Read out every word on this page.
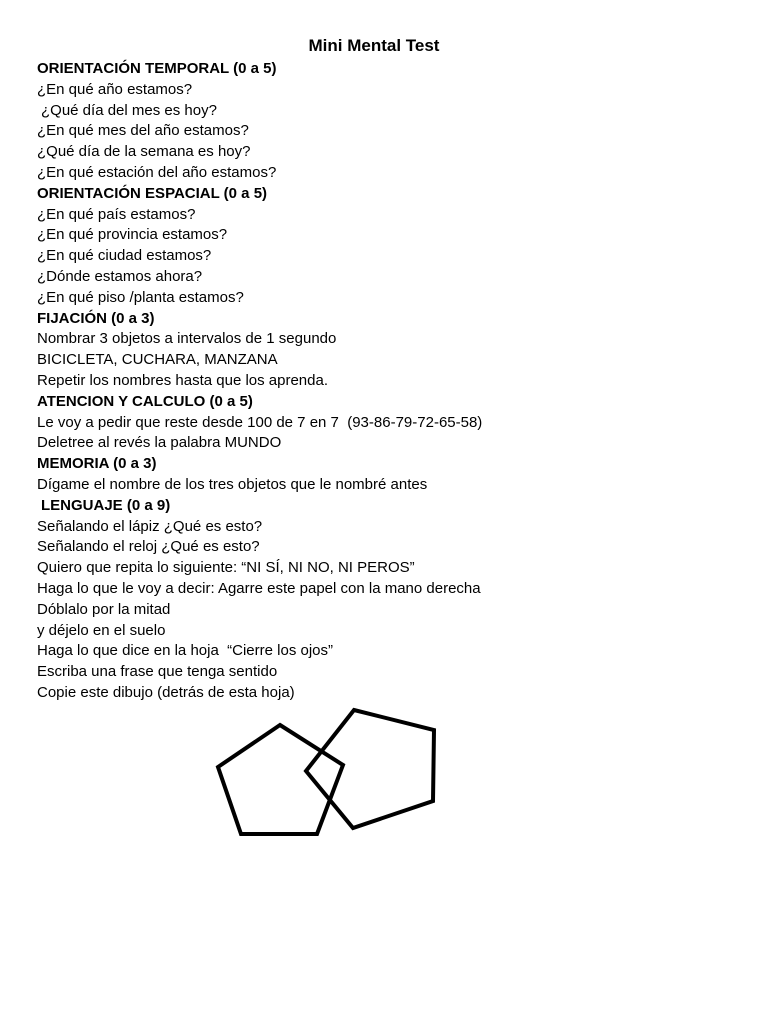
Mini Mental Test
ORIENTACIÓN TEMPORAL (0 a 5)
¿En qué año estamos?
¿Qué día del mes es hoy?
¿En qué mes del año estamos?
¿Qué día de la semana es hoy?
¿En qué estación del año estamos?
ORIENTACIÓN ESPACIAL (0 a 5)
¿En qué país estamos?
¿En qué provincia estamos?
¿En qué ciudad estamos?
¿Dónde estamos ahora?
¿En qué piso /planta estamos?
FIJACIÓN (0 a 3)
Nombrar 3 objetos a intervalos de 1 segundo
BICICLETA, CUCHARA, MANZANA
Repetir los nombres hasta que los aprenda.
ATENCION Y CALCULO (0 a 5)
Le voy a pedir que reste desde 100 de 7 en 7  (93-86-79-72-65-58)
Deletree al revés la palabra MUNDO
MEMORIA (0 a 3)
Dígame el nombre de los tres objetos que le nombré antes
LENGUAJE (0 a 9)
Señalando el lápiz ¿Qué es esto?
Señalando el reloj ¿Qué es esto?
Quiero que repita lo siguiente: “NI SÍ, NI NO, NI PEROS”
Haga lo que le voy a decir: Agarre este papel con la mano derecha
Dóblalo por la mitad
y déjelo en el suelo
Haga lo que dice en la hoja  “Cierre los ojos”
Escriba una frase que tenga sentido
Copie este dibujo (detrás de esta hoja)
